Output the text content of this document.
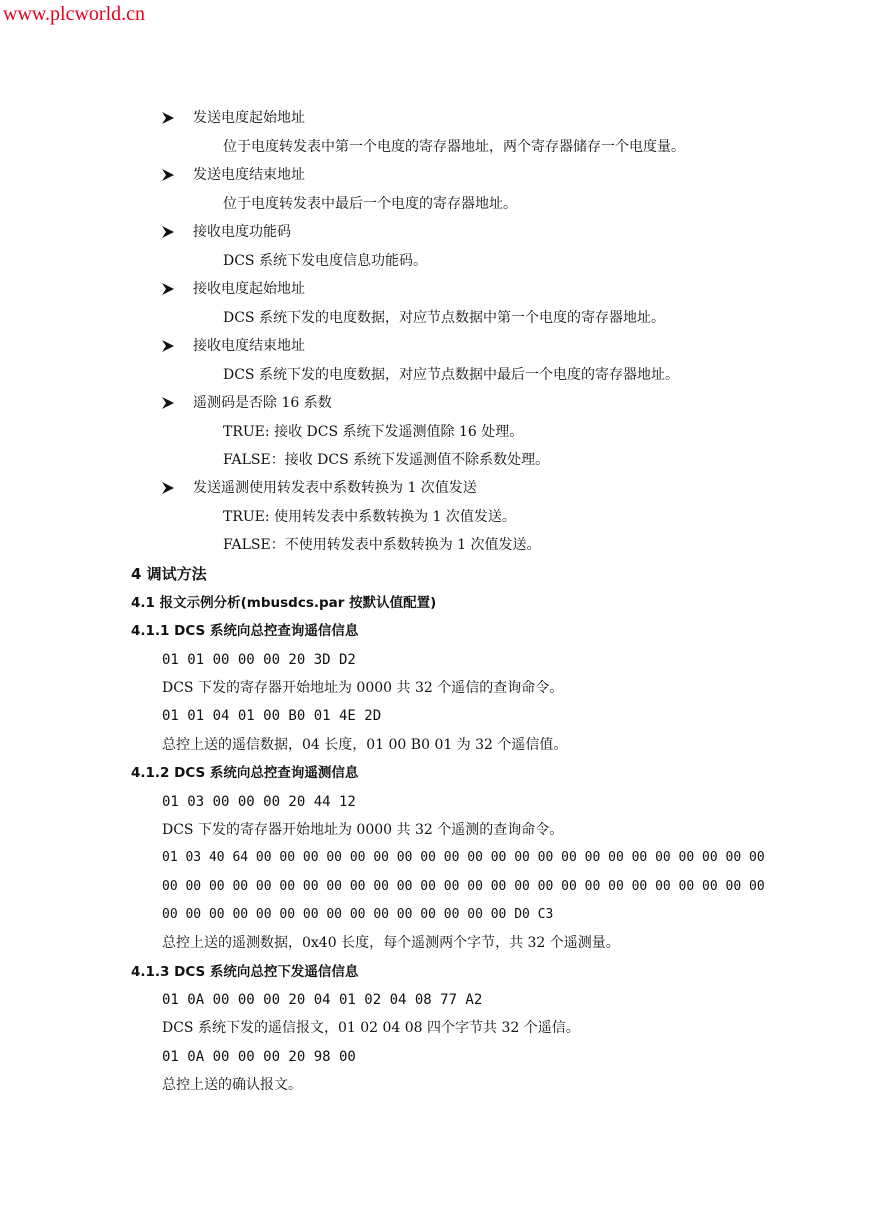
www.plcworld.cn
发送电度起始地址
位于电度转发表中第一个电度的寄存器地址，两个寄存器储存一个电度量。
发送电度结束地址
位于电度转发表中最后一个电度的寄存器地址。
接收电度功能码
DCS 系统下发电度信息功能码。
接收电度起始地址
DCS 系统下发的电度数据，对应节点数据中第一个电度的寄存器地址。
接收电度结束地址
DCS 系统下发的电度数据，对应节点数据中最后一个电度的寄存器地址。
遥测码是否除 16 系数
TRUE: 接收 DCS 系统下发遥测值除 16 处理。
FALSE：接收 DCS 系统下发遥测值不除系数处理。
发送遥测使用转发表中系数转换为 1 次值发送
TRUE: 使用转发表中系数转换为 1 次值发送。
FALSE：不使用转发表中系数转换为 1 次值发送。
4 调试方法
4.1 报文示例分析(mbusdcs.par 按默认值配置)
4.1.1 DCS 系统向总控查询遥信信息
01 01 00 00 00 20 3D D2
DCS 下发的寄存器开始地址为 0000 共 32 个遥信的查询命令。
01 01 04 01 00 B0 01 4E 2D
总控上送的遥信数据，04 长度，01 00 B0 01 为 32 个遥信值。
4.1.2 DCS 系统向总控查询遥测信息
01 03 00 00 00 20 44 12
DCS 下发的寄存器开始地址为 0000 共 32 个遥测的查询命令。
01 03 40 64 00 00 00 00 00 00 00 00 00 00 00 00 00 00 00 00 00 00 00 00 00 00
00 00 00 00 00 00 00 00 00 00 00 00 00 00 00 00 00 00 00 00 00 00 00 00 00 00
00 00 00 00 00 00 00 00 00 00 00 00 00 00 00 D0 C3
总控上送的遥测数据，0x40 长度，每个遥测两个字节，共 32 个遥测量。
4.1.3 DCS 系统向总控下发遥信信息
01 0A 00 00 00 20 04 01 02 04 08 77 A2
DCS 系统下发的遥信报文，01 02 04 08 四个字节共 32 个遥信。
01 0A 00 00 00 20 98 00
总控上送的确认报文。
